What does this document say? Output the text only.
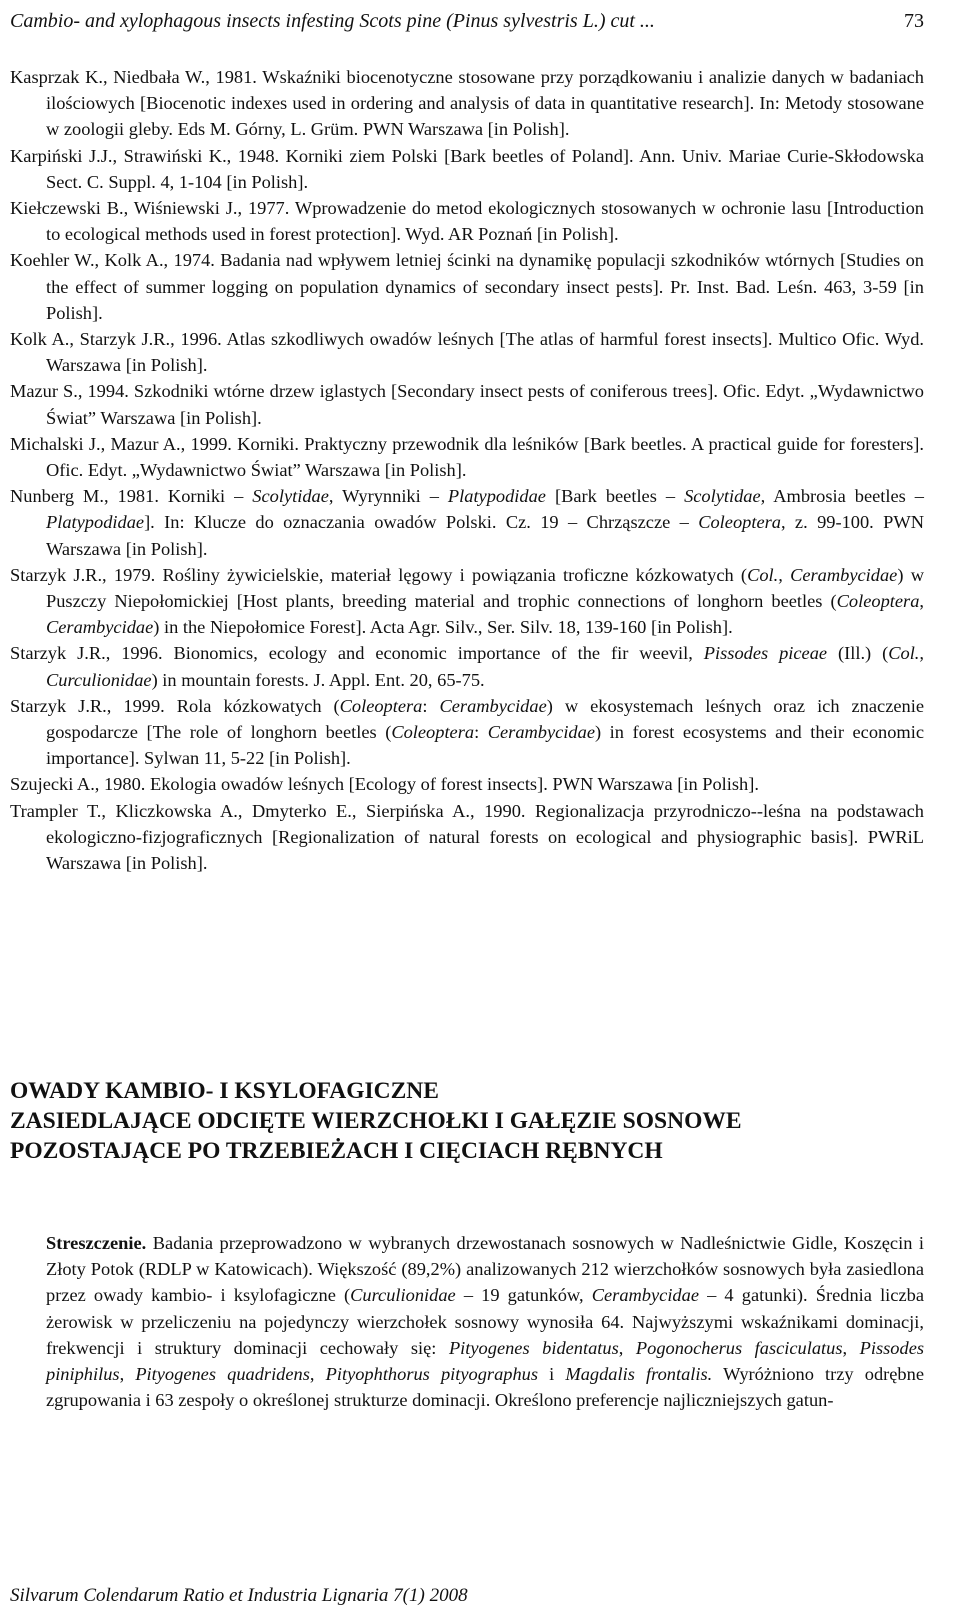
Cambio- and xylophagous insects infesting Scots pine (Pinus sylvestris L.) cut ...	73

Kasprzak K., Niedbała W., 1981. Wskaźniki biocenotyczne stosowane przy porządkowaniu i analizie danych w badaniach ilościowych [Biocenotic indexes used in ordering and analysis of data in quantitative research]. In: Metody stosowane w zoologii gleby. Eds M. Górny, L. Grüm. PWN Warszawa [in Polish].

Karpiński J.J., Strawiński K., 1948. Korniki ziem Polski [Bark beetles of Poland]. Ann. Univ. Mariae Curie-Skłodowska Sect. C. Suppl. 4, 1-104 [in Polish].

Kiełczewski B., Wiśniewski J., 1977. Wprowadzenie do metod ekologicznych stosowanych w ochronie lasu [Introduction to ecological methods used in forest protection]. Wyd. AR Poznań [in Polish].

Koehler W., Kolk A., 1974. Badania nad wpływem letniej ścinki na dynamikę populacji szkodników wtórnych [Studies on the effect of summer logging on population dynamics of secondary insect pests]. Pr. Inst. Bad. Leśn. 463, 3-59 [in Polish].

Kolk A., Starzyk J.R., 1996. Atlas szkodliwych owadów leśnych [The atlas of harmful forest insects]. Multico Ofic. Wyd. Warszawa [in Polish].

Mazur S., 1994. Szkodniki wtórne drzew iglastych [Secondary insect pests of coniferous trees]. Ofic. Edyt. „Wydawnictwo Świat” Warszawa [in Polish].

Michalski J., Mazur A., 1999. Korniki. Praktyczny przewodnik dla leśników [Bark beetles. A practical guide for foresters]. Ofic. Edyt. „Wydawnictwo Świat” Warszawa [in Polish].

Nunberg M., 1981. Korniki – Scolytidae, Wyrynniki – Platypodidae [Bark beetles – Scolytidae, Ambrosia beetles – Platypodidae]. In: Klucze do oznaczania owadów Polski. Cz. 19 – Chrząszcze – Coleoptera, z. 99-100. PWN Warszawa [in Polish].

Starzyk J.R., 1979. Rośliny żywicielskie, materiał lęgowy i powiązania troficzne kózkowatych (Col., Cerambycidae) w Puszczy Niepołomickiej [Host plants, breeding material and trophic connections of longhorn beetles (Coleoptera, Cerambycidae) in the Niepołomice Forest]. Acta Agr. Silv., Ser. Silv. 18, 139-160 [in Polish].

Starzyk J.R., 1996. Bionomics, ecology and economic importance of the fir weevil, Pissodes piceae (Ill.) (Col., Curculionidae) in mountain forests. J. Appl. Ent. 20, 65-75.

Starzyk J.R., 1999. Rola kózkowatych (Coleoptera: Cerambycidae) w ekosystemach leśnych oraz ich znaczenie gospodarcze [The role of longhorn beetles (Coleoptera: Cerambycidae) in forest ecosystems and their economic importance]. Sylwan 11, 5-22 [in Polish].

Szujecki A., 1980. Ekologia owadów leśnych [Ecology of forest insects]. PWN Warszawa [in Polish].

Trampler T., Kliczkowska A., Dmyterko E., Sierpińska A., 1990. Regionalizacja przyrodniczo--leśna na podstawach ekologiczno-fizjograficznych [Regionalization of natural forests on ecological and physiographic basis]. PWRiL Warszawa [in Polish].

OWADY KAMBIO- I KSYLOFAGICZNE
ZASIEDLAJĄCE ODCIĘTE WIERZCHOŁKI I GAŁĘZIE SOSNOWE
POZOSTAJĄCE PO TRZEBIEŻACH I CIĘCIACH RĘBNYCH

Streszczenie. Badania przeprowadzono w wybranych drzewostanach sosnowych w Nadleśnictwie Gidle, Koszęcin i Złoty Potok (RDLP w Katowicach). Większość (89,2%) analizowanych 212 wierzchołków sosnowych była zasiedlona przez owady kambio- i ksylofagiczne (Curculionidae – 19 gatunków, Cerambycidae – 4 gatunki). Średnia liczba żerowisk w przeliczeniu na pojedynczy wierzchołek sosnowy wynosiła 64. Najwyższymi wskaźnikami dominacji, frekwencji i struktury dominacji cechowały się: Pityogenes bidentatus, Pogonocherus fasciculatus, Pissodes piniphilus, Pityogenes quadridens, Pityophthorus pityographus i Magdalis frontalis. Wyróżniono trzy odrębne zgrupowania i 63 zespoły o określonej strukturze dominacji. Określono preferencje najliczniejszych gatun-

Silvarum Colendarum Ratio et Industria Lignaria 7(1) 2008
